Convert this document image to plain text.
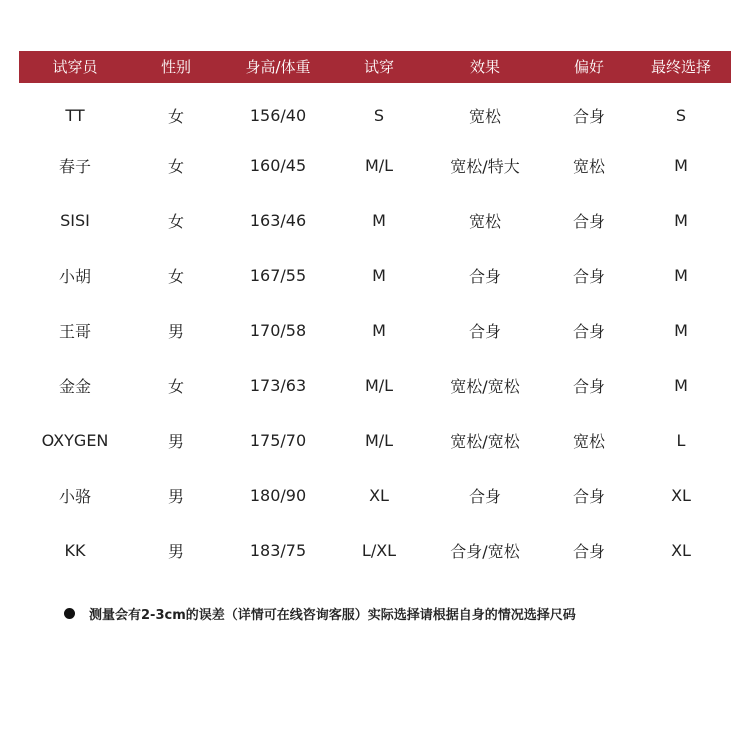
试穿员	性别	身高/体重	试穿	效果	偏好	最终选择
TT	女	156/40	S	宽松	合身	S
春子	女	160/45	M/L	宽松/特大	宽松	M
SISI	女	163/46	M	宽松	合身	M
小胡	女	167/55	M	合身	合身	M
王哥	男	170/58	M	合身	合身	M
金金	女	173/63	M/L	宽松/宽松	合身	M
OXYGEN	男	175/70	M/L	宽松/宽松	宽松	L
小骆	男	180/90	XL	合身	合身	XL
KK	男	183/75	L/XL	合身/宽松	合身	XL
测量会有2-3cm的误差（详情可在线咨询客服）实际选择请根据自身的情况选择尺码
